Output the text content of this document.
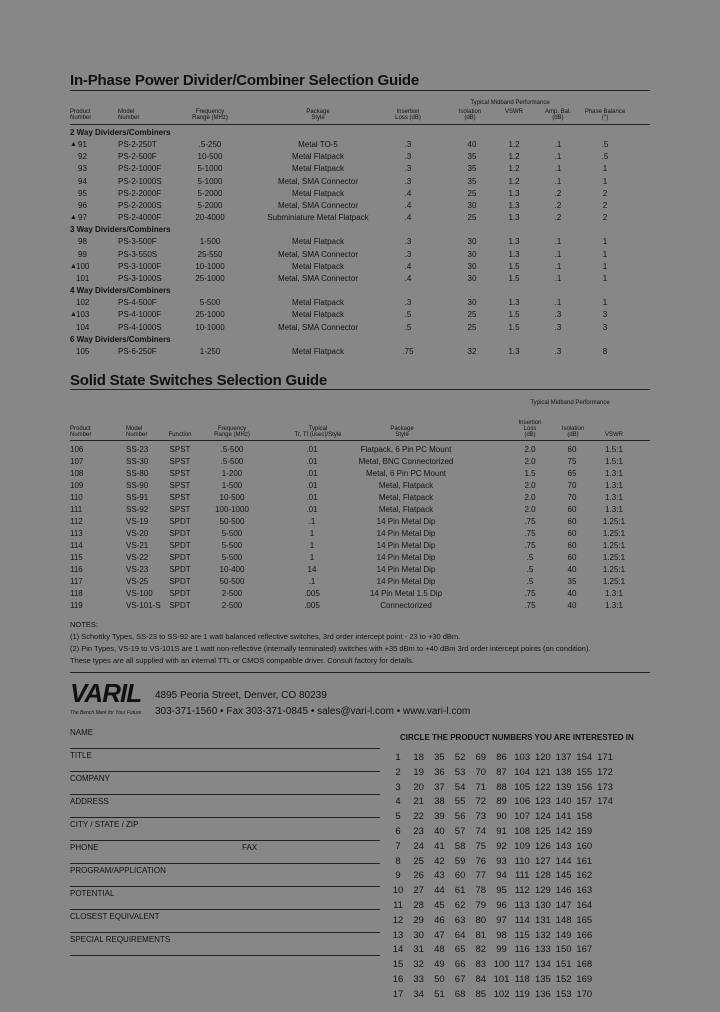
In-Phase Power Divider/Combiner Selection Guide
Typical Midband Performance
Product
Number
Model
Number
Frequency
Range (MHz)
Package
Style
Insertion
Loss (dB)
Isolation
(dB)
VSWR	Amp. Bal.
(dB)
Phase Balance
(°)
2 Way Dividers/Combiners
▲ 91	PS-2-250T	.5-250	Metal TO-5	.3	40	1.2	.1	.5
92	PS-2-500F	10-500	Metal Flatpack	.3	35	1.2	.1	.5
93	PS-2-1000F	5-1000	Metal Flatpack	.3	35	1.2	.1	1
94	PS-2-1000S	5-1000	Metal, SMA Connector	.3	35	1.2	.1	1
95	PS-2-2000F	5-2000	Metal Flatpack	.4	25	1.3	.2	2
96	PS-2-2000S	5-2000	Metal, SMA Connector	.4	30	1.3	.2	2
▲ 97	PS-2-4000F	20-4000	Subminiature Metal Flatpack	.4	25	1.3	.2	2
3 Way Dividers/Combiners
98	PS-3-500F	1-500	Metal Flatpack	.3	30	1.3	.1	1
99	PS-3-550S	25-550	Metal, SMA Connector	.3	30	1.3	.1	1
▲ 100	PS-3-1000F	10-1000	Metal Flatpack	.4	30	1.5	.1	1
101	PS-3-1000S	25-1000	Metal, SMA Connector	.4	30	1.5	.1	1
4 Way Dividers/Combiners
102	PS-4-500F	5-500	Metal Flatpack	.3	30	1.3	.1	1
▲ 103	PS-4-1000F	25-1000	Metal Flatpack	.5	25	1.5	.3	3
104	PS-4-1000S	10-1000	Metal, SMA Connector	.5	25	1.5	.3	3
6 Way Dividers/Combiners
105	PS-6-250F	1-250	Metal Flatpack	.75	32	1.3	.3	8
Solid State Switches Selection Guide
Typical Midband Performance
Product
Number
Model
Number	Function
Frequency
Range (MHz)
Typical
Tr, Tf (usec)/Style
Package
Style
Insertion
Loss
(dB)
Isolation
(dB)	VSWR
106	SS-23	SPST	.5-500	.01	Flatpack, 6 Pin PC Mount	2.0	60	1.5:1
107	SS-30	SPST	.5-500	.01	Metal, BNC Connectorized	2.0	75	1.5:1
108	SS-80	SPST	1-200	.01	Metal, 6 Pin PC Mount	1.5	65	1.3:1
109	SS-90	SPST	1-500	.01	Metal, Flatpack	2.0	70	1.3:1
110	SS-91	SPST	10-500	.01	Metal, Flatpack	2.0	70	1.3:1
111	SS-92	SPST	100-1000	.01	Metal, Flatpack	2.0	60	1.3:1
112	VS-19	SPDT	50-500	.1	14 Pin Metal Dip	.75	60	1.25:1
113	VS-20	SPDT	5-500	1	14 Pin Metal Dip	.75	60	1.25:1
114	VS-21	SPDT	5-500	1	14 Pin Metal Dip	.75	60	1.25:1
115	VS-22	SPDT	5-500	1	14 Pin Metal Dip	.5	60	1.25:1
116	VS-23	SPDT	10-400	14	14 Pin Metal Dip	.5	40	1.25:1
117	VS-25	SPDT	50-500	.1	14 Pin Metal Dip	.5	35	1.25:1
118	VS-100 SPDT	2-500	.005	14 Pin Metal 1.5 Dip	.75	40	1.3:1
119	VS-101-S SPDT	2-500	.005	Connectorized	.75	40	1.3:1
NOTES:
(1) Schottky Types, SS-23 to SS-92 are 1 watt balanced reflective switches, 3rd order intercept point - 23 to +30 dBm.
(2) Pin Types, VS-19 to VS-101S are 1 watt non-reflective (internally terminated) switches with +35 dBm to +40 dBm 3rd order intercept points (on condition).
These types are all supplied with an internal TTL or CMOS compatible driver. Consult factory for details.
VARIL
The Bench Mark for Your Future
4895 Peoria Street, Denver, CO 80239
303-371-1560 • Fax 303-371-0845 • sales@vari-l.com • www.vari-l.com
NAME
TITLE
COMPANY
ADDRESS
CITY / STATE / ZIP
PHONE	FAX
PROGRAM/APPLICATION
POTENTIAL
CLOSEST EQUIVALENT
SPECIAL REQUIREMENTS
CIRCLE THE PRODUCT NUMBERS YOU ARE INTERESTED IN
1	18	35	52	69	86 103 120 137 154 171
2	19	36	53	70	87 104 121 138 155 172
3	20	37	54	71	88 105 122 139 156 173
4	21	38	55	72	89 106 123 140 157 174
5	22	39	56	73	90 107 124 141 158
6	23	40	57	74	91 108 125 142 159
7	24	41	58	75	92 109 126 143 160
8	25	42	59	76	93 110 127 144 161
9	26	43	60	77	94 111 128 145 162
10	27	44	61	78	95 112 129 146 163
11	28	45	62	79	96 113 130 147 164
12	29	46	63	80	97 114 131 148 165
13	30	47	64	81	98 115 132 149 166
14	31	48	65	82	99 116 133 150 167
15	32	49	66	83 100 117 134 151 168
16	33	50	67	84 101 118 135 152 169
17	34	51	68	85 102 119 136 153 170
